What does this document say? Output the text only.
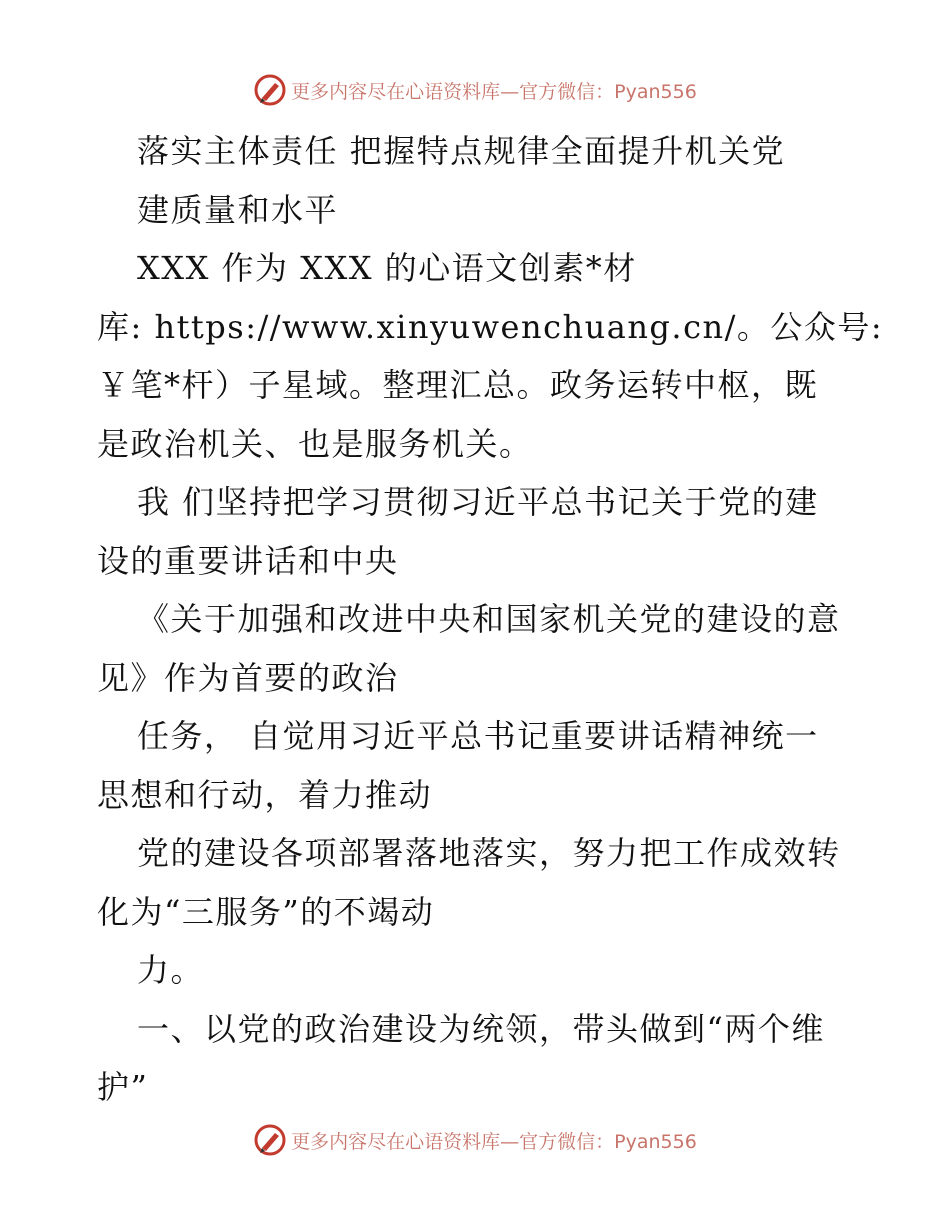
更多内容尽在心语资料库— 官方微信：Pyan556
落实主体责任 把握特点规律全面提升机关党
建质量和水平
XXX 作为 XXX 的心语文创素*材
库: https://www.xinyuwenchuang.cn/。公众号:
￥笔*杆）子星域。整理汇总。政务运转中枢，既
是政治机关、也是服务机关。
我 们坚持把学习贯彻习近平总书记关于党的建
设的重要讲话和中央
《关于加强和改进中央和国家机关党的建设的意
见》作为首要的政治
任务， 自觉用习近平总书记重要讲话精神统一
思想和行动，着力推动
党的建设各项部署落地落实，努力把工作成效转
化为“三服务”的不竭动
力。
一、以党的政治建设为统领，带头做到“两个维
护”
更多内容尽在心语资料库— 官方微信：Pyan556
